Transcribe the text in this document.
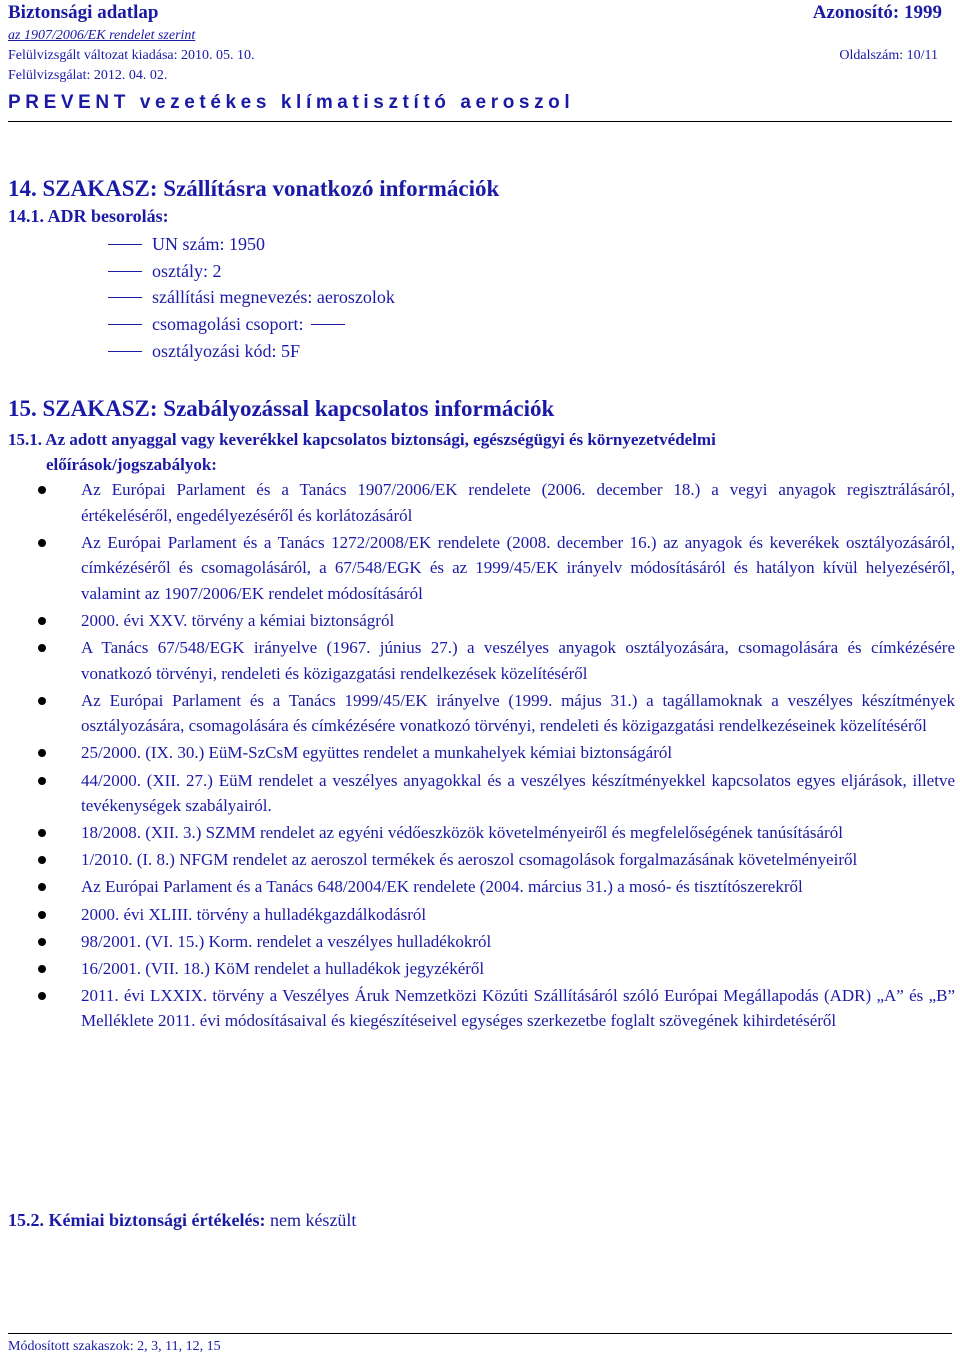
Biztonsági adatlap	Azonosító: 1999
az 1907/2006/EK rendelet szerint
Felülvizsgált változat kiadása: 2010. 05. 10.	Oldalszám: 10/11
Felülvizsgálat: 2012. 04. 02.
PREVENT vezetékes klímatisztító aeroszol
14. SZAKASZ: Szállításra vonatkozó információk
14.1. ADR besorolás:
UN szám: 1950
osztály: 2
szállítási megnevezés: aeroszolok
csomagolási csoport:
osztályozási kód: 5F
15. SZAKASZ: Szabályozással kapcsolatos információk
15.1. Az adott anyaggal vagy keverékkel kapcsolatos biztonsági, egészségügyi és környezetvédelmi
előírások/jogszabályok:
Az Európai Parlament és a Tanács 1907/2006/EK rendelete (2006. december 18.) a vegyi anyagok regisztrálásáról, értékeléséről, engedélyezéséről és korlátozásáról
Az Európai Parlament és a Tanács 1272/2008/EK rendelete (2008. december 16.) az anyagok és keverékek osztályozásáról, címkézéséről és csomagolásáról, a 67/548/EGK és az 1999/45/EK irányelv módosításáról és hatályon kívül helyezéséről, valamint az 1907/2006/EK rendelet módosításáról
2000. évi XXV. törvény a kémiai biztonságról
A Tanács 67/548/EGK irányelve (1967. június 27.) a veszélyes anyagok osztályozására, csomagolására és címkézésére vonatkozó törvényi, rendeleti és közigazgatási rendelkezések közelítéséről
Az Európai Parlament és a Tanács 1999/45/EK irányelve (1999. május 31.) a tagállamoknak a veszélyes készítmények osztályozására, csomagolására és címkézésére vonatkozó törvényi, rendeleti és közigazgatási rendelkezéseinek közelítéséről
25/2000. (IX. 30.) EüM-SzCsM együttes rendelet a munkahelyek kémiai biztonságáról
44/2000. (XII. 27.) EüM rendelet a veszélyes anyagokkal és a veszélyes készítményekkel kapcsolatos egyes eljárások, illetve tevékenységek szabályairól.
18/2008. (XII. 3.) SZMM rendelet az egyéni védőeszközök követelményeiről és megfelelőségének tanúsításáról
1/2010. (I. 8.) NFGM rendelet az aeroszol termékek és aeroszol csomagolások forgalmazásának követelményeiről
Az Európai Parlament és a Tanács 648/2004/EK rendelete (2004. március 31.) a mosó- és tisztítószerekről
2000. évi XLIII. törvény a hulladékgazdálkodásról
98/2001. (VI. 15.) Korm. rendelet a veszélyes hulladékokról
16/2001. (VII. 18.) KöM rendelet a hulladékok jegyzékéről
2011. évi LXXIX. törvény a Veszélyes Áruk Nemzetközi Közúti Szállításáról szóló Európai Megállapodás (ADR) „A” és „B” Melléklete 2011. évi módosításaival és kiegészítéseivel egységes szerkezetbe foglalt szövegének kihirdetéséről
15.2. Kémiai biztonsági értékelés: nem készült
Módosított szakaszok: 2, 3, 11, 12, 15
